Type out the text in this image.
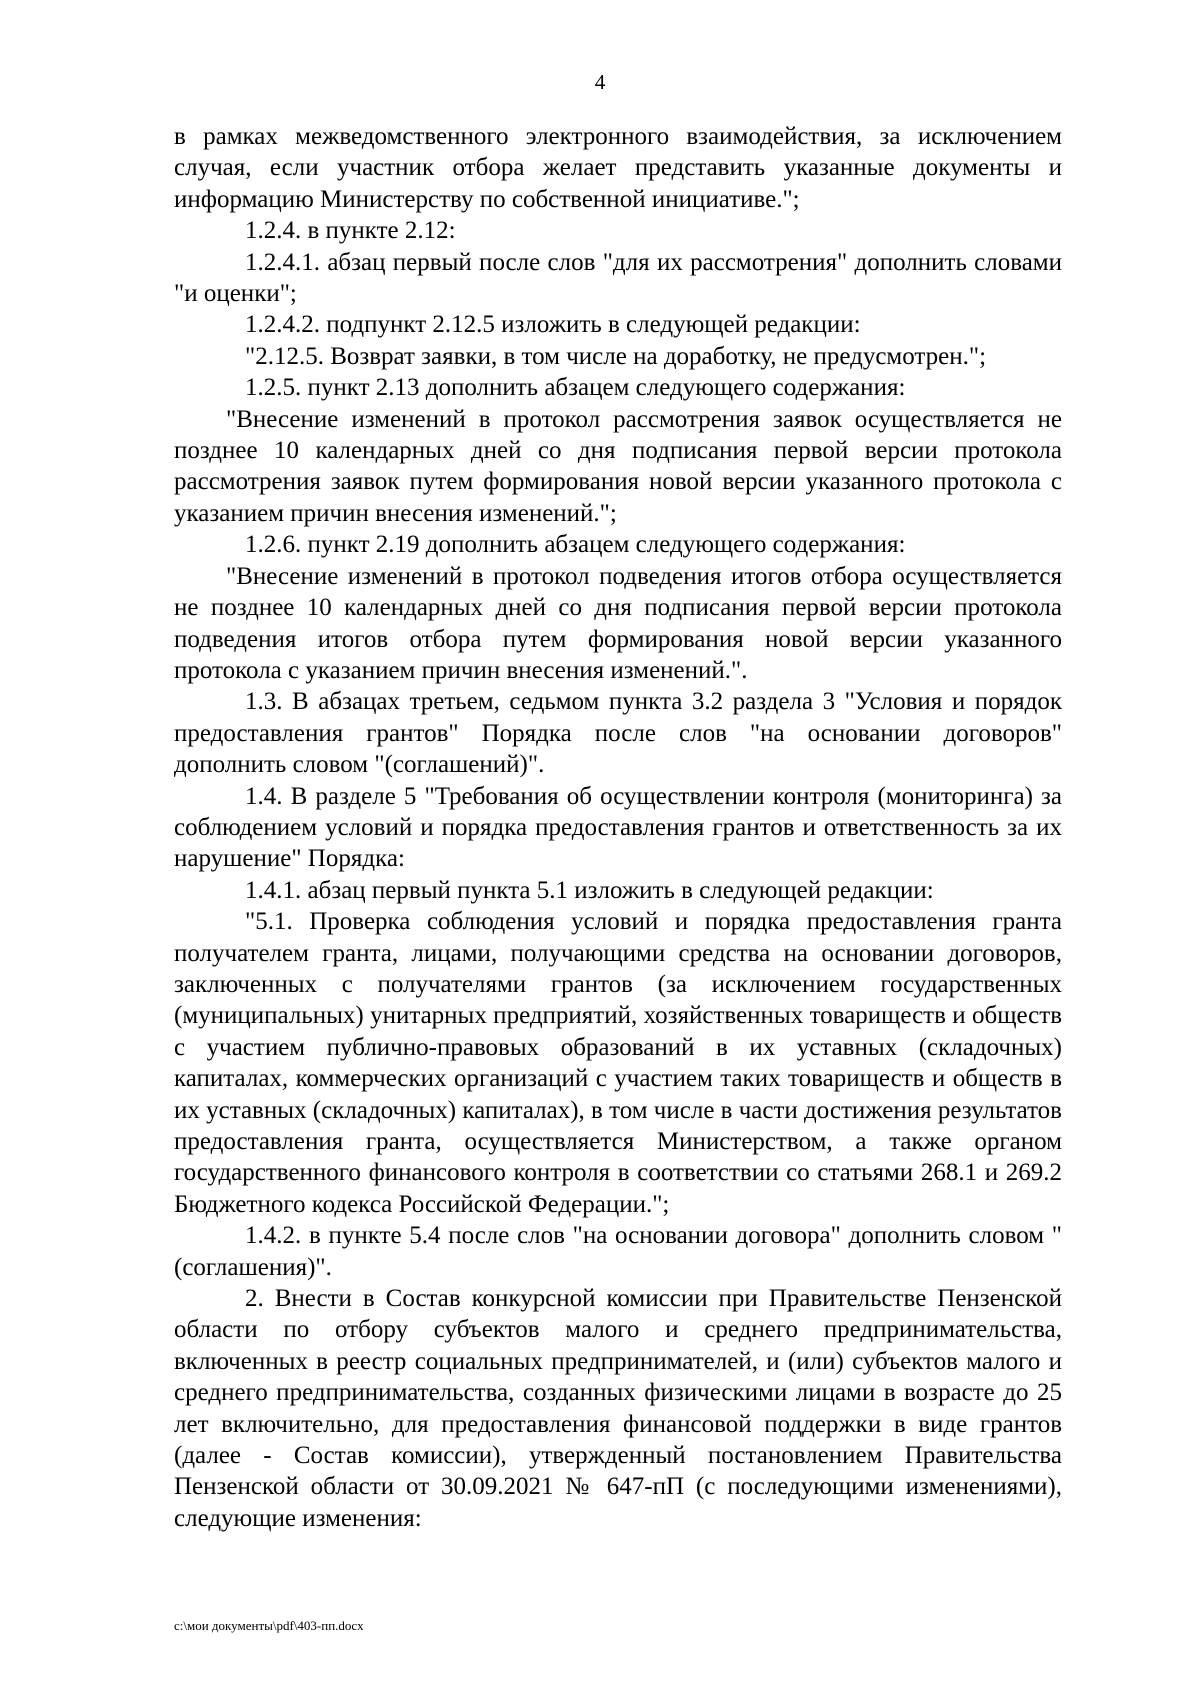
4

в рамках межведомственного электронного взаимодействия, за исключением случая, если участник отбора желает представить указанные документы и информацию Министерству по собственной инициативе.";

1.2.4. в пункте 2.12:

1.2.4.1. абзац первый после слов "для их рассмотрения" дополнить словами "и оценки";

1.2.4.2. подпункт 2.12.5 изложить в следующей редакции:

"2.12.5. Возврат заявки, в том числе на доработку, не предусмотрен.";

1.2.5. пункт 2.13 дополнить абзацем следующего содержания:

"Внесение изменений в протокол рассмотрения заявок осуществляется не позднее 10 календарных дней со дня подписания первой версии протокола рассмотрения заявок путем формирования новой версии указанного протокола с указанием причин внесения изменений.";

1.2.6. пункт 2.19 дополнить абзацем следующего содержания:

"Внесение изменений в протокол подведения итогов отбора осуществляется не позднее 10 календарных дней со дня подписания первой версии протокола подведения итогов отбора путем формирования новой версии указанного протокола с указанием причин внесения изменений.".

1.3. В абзацах третьем, седьмом пункта 3.2 раздела 3 "Условия и порядок предоставления грантов" Порядка после слов "на основании договоров" дополнить словом "(соглашений)".

1.4. В разделе 5 "Требования об осуществлении контроля (мониторинга) за соблюдением условий и порядка предоставления грантов и ответственность за их нарушение" Порядка:

1.4.1. абзац первый пункта 5.1 изложить в следующей редакции:

"5.1. Проверка соблюдения условий и порядка предоставления гранта получателем гранта, лицами, получающими средства на основании договоров, заключенных с получателями грантов (за исключением государственных (муниципальных) унитарных предприятий, хозяйственных товариществ и обществ с участием публично-правовых образований в их уставных (складочных) капиталах, коммерческих организаций с участием таких товариществ и обществ в их уставных (складочных) капиталах), в том числе в части достижения результатов предоставления гранта, осуществляется Министерством, а также органом государственного финансового контроля в соответствии со статьями 268.1 и 269.2 Бюджетного кодекса Российской Федерации.";

1.4.2. в пункте 5.4 после слов "на основании договора" дополнить словом "(соглашения)".

2. Внести в Состав конкурсной комиссии при Правительстве Пензенской области по отбору субъектов малого и среднего предпринимательства, включенных в реестр социальных предпринимателей, и (или) субъектов малого и среднего предпринимательства, созданных физическими лицами в возрасте до 25 лет включительно, для предоставления финансовой поддержки в виде грантов (далее - Состав комиссии), утвержденный постановлением Правительства Пензенской области от 30.09.2021 № 647-пП (с последующими изменениями), следующие изменения:

c:\мои документы\pdf\403-пп.docx
